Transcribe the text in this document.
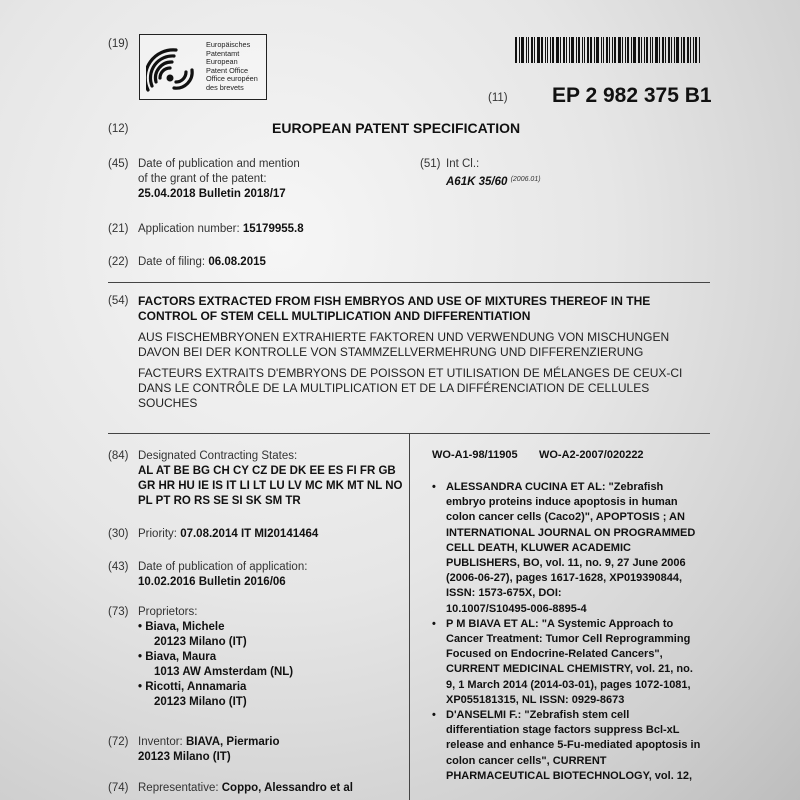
(19)	Europäisches
Patentamt
European
Patent Office
Office européen
des brevets
(11) EP 2 982 375 B1
(12)	EUROPEAN PATENT SPECIFICATION
(45) Date of publication and mention
of the grant of the patent:
25.04.2018 Bulletin 2018/17
(51) Int Cl.:
A61K 35/60 $^{(2006.01)}$
(21) Application number: 15179955.8
(22) Date of filing: 06.08.2015
(54) FACTORS EXTRACTED FROM FISH EMBRYOS AND USE OF MIXTURES THEREOF IN THE
CONTROL OF STEM CELL MULTIPLICATION AND DIFFERENTIATION
AUS FISCHEMBRYONEN EXTRAHIERTE FAKTOREN UND VERWENDUNG VON MISCHUNGEN
DAVON BEI DER KONTROLLE VON STAMMZELLVERMEHRUNG UND DIFFERENZIERUNG
FACTEURS EXTRAITS D'EMBRYONS DE POISSON ET UTILISATION DE MÉLANGES DE CEUX-CI
DANS LE CONTRÔLE DE LA MULTIPLICATION ET DE LA DIFFÉRENCIATION DE CELLULES
SOUCHES
(84) Designated Contracting States:
AL AT BE BG CH CY CZ DE DK EE ES FI FR GB
GR HR HU IE IS IT LI LT LU LV MC MK MT NL NO
PL PT RO RS SE SI SK SM TR
(30) Priority: 07.08.2014 IT MI20141464
(43) Date of publication of application:
10.02.2016 Bulletin 2016/06
(73) Proprietors:
• Biava, Michele
20123 Milano (IT)
• Biava, Maura
1013 AW Amsterdam (NL)
• Ricotti, Annamaria
20123 Milano (IT)
(72) Inventor: BIAVA, Piermario
20123 Milano (IT)
(74) Representative: Coppo, Alessandro et al
WO-A1-98/11905       WO-A2-2007/020222
• ALESSANDRA CUCINA ET AL: "Zebrafish
embryo proteins induce apoptosis in human
colon cancer cells (Caco2)", APOPTOSIS ; AN
INTERNATIONAL JOURNAL ON PROGRAMMED
CELL DEATH, KLUWER ACADEMIC
PUBLISHERS, BO, vol. 11, no. 9, 27 June 2006
(2006-06-27), pages 1617-1628, XP019390844,
ISSN: 1573-675X, DOI:
10.1007/S10495-006-8895-4
• P M BIAVA ET AL: "A Systemic Approach to
Cancer Treatment: Tumor Cell Reprogramming
Focused on Endocrine-Related Cancers",
CURRENT MEDICINAL CHEMISTRY, vol. 21, no.
9, 1 March 2014 (2014-03-01), pages 1072-1081,
XP055181315, NL ISSN: 0929-8673
• D'ANSELMI F.: "Zebrafish stem cell
differentiation stage factors suppress Bcl-xL
release and enhance 5-Fu-mediated apoptosis in
colon cancer cells", CURRENT
PHARMACEUTICAL BIOTECHNOLOGY, vol. 12,
